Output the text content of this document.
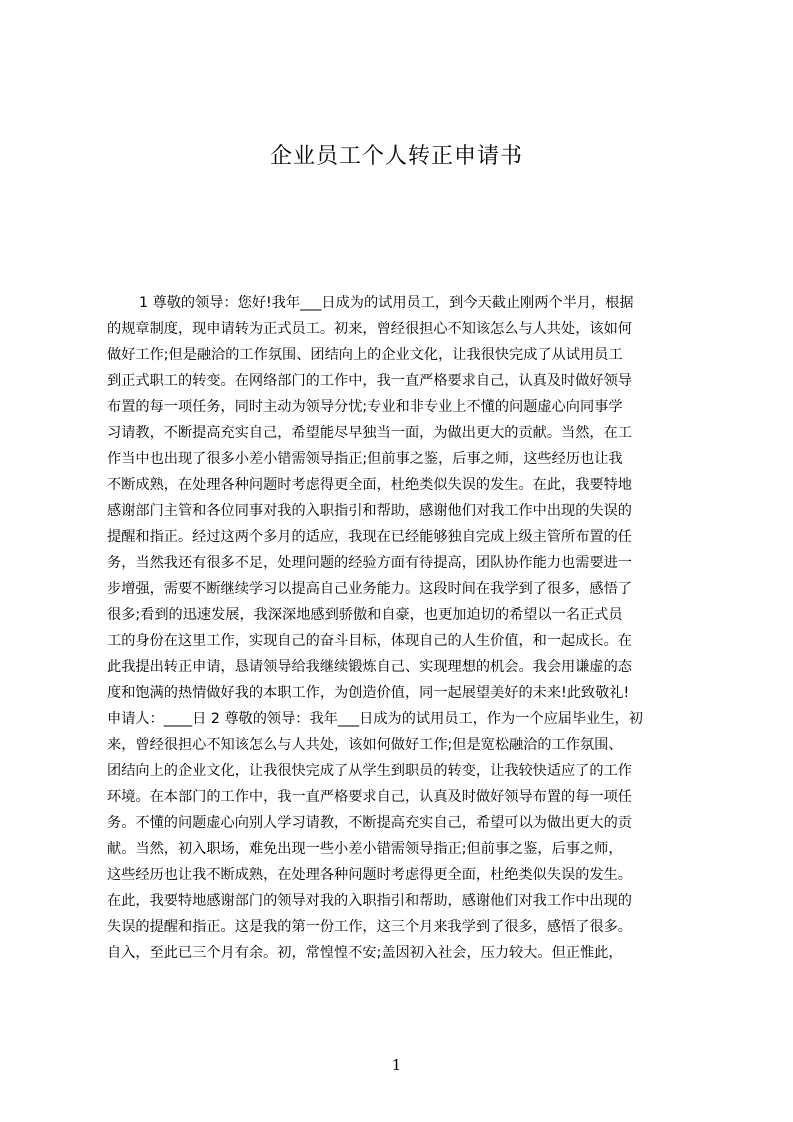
企业员工个人转正申请书
1 尊敬的领导：您好!我年___日成为的试用员工，到今天截止刚两个半月，根据
的规章制度，现申请转为正式员工。初来，曾经很担心不知该怎么与人共处，该如何
做好工作;但是融洽的工作氛围、团结向上的企业文化，让我很快完成了从试用员工
到正式职工的转变。在网络部门的工作中，我一直严格要求自己，认真及时做好领导
布置的每一项任务，同时主动为领导分忧;专业和非专业上不懂的问题虚心向同事学
习请教，不断提高充实自己，希望能尽早独当一面，为做出更大的贡献。当然，在工
作当中也出现了很多小差小错需领导指正;但前事之鉴，后事之师，这些经历也让我
不断成熟，在处理各种问题时考虑得更全面，杜绝类似失误的发生。在此，我要特地
感谢部门主管和各位同事对我的入职指引和帮助，感谢他们对我工作中出现的失误的
提醒和指正。经过这两个多月的适应，我现在已经能够独自完成上级主管所布置的任
务，当然我还有很多不足，处理问题的经验方面有待提高，团队协作能力也需要进一
步增强，需要不断继续学习以提高自己业务能力。这段时间在我学到了很多，感悟了
很多;看到的迅速发展，我深深地感到骄傲和自豪，也更加迫切的希望以一名正式员
工的身份在这里工作，实现自己的奋斗目标，体现自己的人生价值，和一起成长。在
此我提出转正申请，恳请领导给我继续锻炼自己、实现理想的机会。我会用谦虚的态
度和饱满的热情做好我的本职工作，为创造价值，同一起展望美好的未来!此致敬礼!
申请人：____日 2 尊敬的领导：我年___日成为的试用员工，作为一个应届毕业生，初
来，曾经很担心不知该怎么与人共处，该如何做好工作;但是宽松融洽的工作氛围、
团结向上的企业文化，让我很快完成了从学生到职员的转变，让我较快适应了的工作
环境。在本部门的工作中，我一直严格要求自己，认真及时做好领导布置的每一项任
务。不懂的问题虚心向别人学习请教，不断提高充实自己，希望可以为做出更大的贡
献。当然，初入职场，难免出现一些小差小错需领导指正;但前事之鉴，后事之师，
这些经历也让我不断成熟，在处理各种问题时考虑得更全面，杜绝类似失误的发生。
在此，我要特地感谢部门的领导对我的入职指引和帮助，感谢他们对我工作中出现的
失误的提醒和指正。这是我的第一份工作，这三个月来我学到了很多，感悟了很多。
自入，至此已三个月有余。初，常惶惶不安;盖因初入社会，压力较大。但正惟此，
1
